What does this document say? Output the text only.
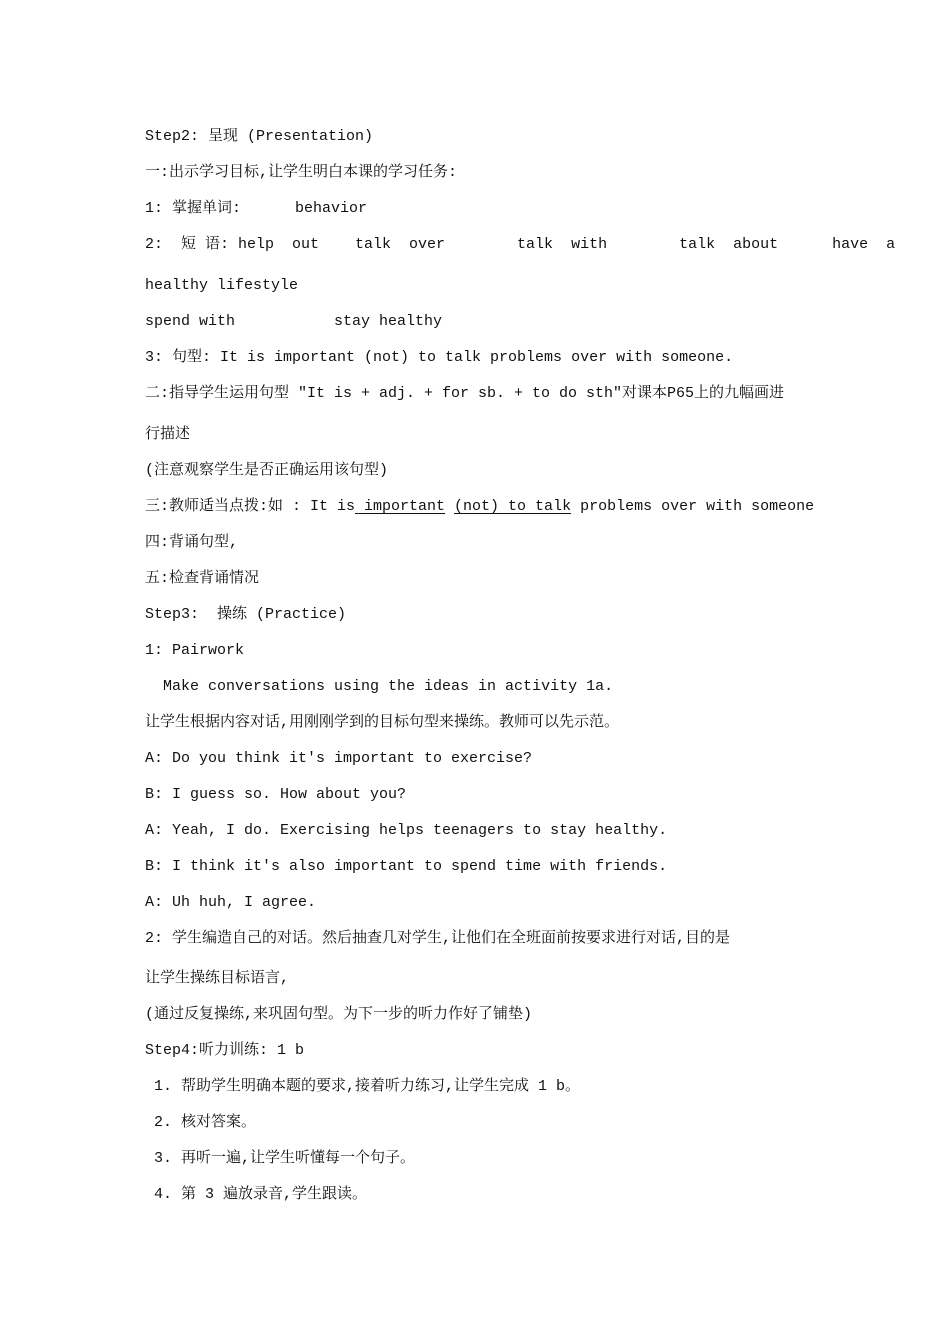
Step2: 呈现 (Presentation)
一:出示学习目标,让学生明白本课的学习任务:
1: 掌握单词:      behavior
2:  短 语: help  out    talk  over        talk  with        talk  about      have  a
healthy lifestyle
spend with           stay healthy
3: 句型: It is important (not) to talk problems over with someone.
二:指导学生运用句型 "It is + adj. + for sb. + to do sth"对课本P65上的九幅画进
行描述
(注意观察学生是否正确运用该句型)
三:教师适当点拨:如 : It is important (not) to talk problems over with someone
四:背诵句型,
五:检查背诵情况
Step3:  操练 (Practice)
1: Pairwork
Make conversations using the ideas in activity 1a.
让学生根据内容对话,用刚刚学到的目标句型来操练。教师可以先示范。
A: Do you think it's important to exercise?
B: I guess so. How about you?
A: Yeah, I do. Exercising helps teenagers to stay healthy.
B: I think it's also important to spend time with friends.
A: Uh huh, I agree.
2: 学生编造自己的对话。然后抽查几对学生,让他们在全班面前按要求进行对话,目的是
让学生操练目标语言,
(通过反复操练,来巩固句型。为下一步的听力作好了铺垫)
Step4:听力训练: 1 b
1. 帮助学生明确本题的要求,接着听力练习,让学生完成 1 b。
2. 核对答案。
3. 再听一遍,让学生听懂每一个句子。
4. 第 3 遍放录音,学生跟读。
